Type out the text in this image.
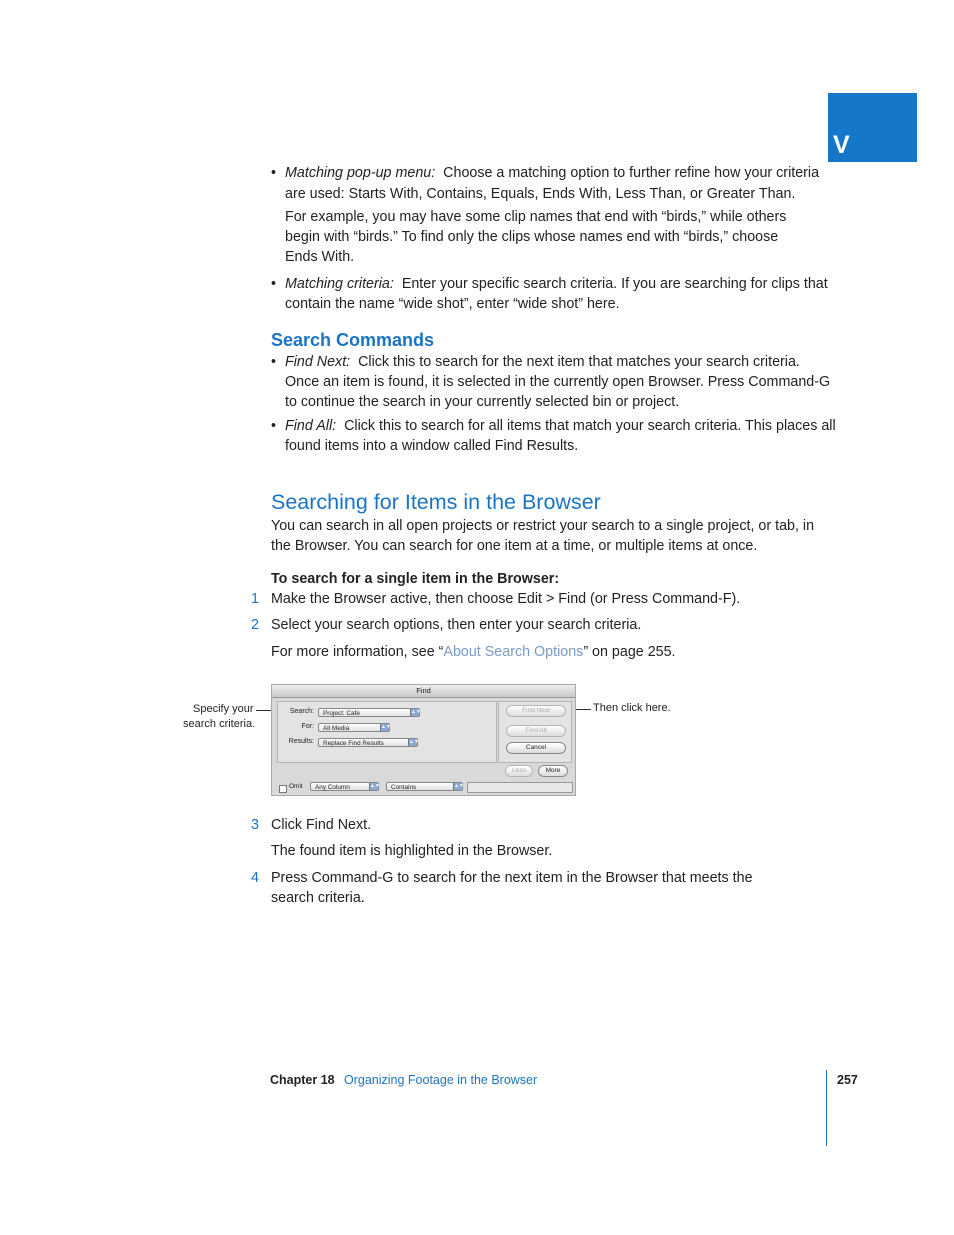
V
• Matching pop-up menu: Choose a matching option to further refine how your criteria

are used: Starts With, Contains, Equals, Ends With, Less Than, or Greater Than.

For example, you may have some clip names that end with “birds,” while others

begin with “birds.” To find only the clips whose names end with “birds,” choose

Ends With.

• Matching criteria: Enter your specific search criteria. If you are searching for clips that

contain the name “wide shot”, enter “wide shot” here.

Search Commands
• Find Next: Click this to search for the next item that matches your search criteria.

Once an item is found, it is selected in the currently open Browser. Press Command-G

to continue the search in your currently selected bin or project.

• Find All: Click this to search for all items that match your search criteria. This places all

found items into a window called Find Results.

Searching for Items in the Browser

You can search in all open projects or restrict your search to a single project, or tab, in

the Browser. You can search for one item at a time, or multiple items at once.

To search for a single item in the Browser:

1 Make the Browser active, then choose Edit > Find (or Press Command-F).

2 Select your search options, then enter your search criteria.

For more information, see “About Search Options” on page 255.

Specify your
search criteria.
Then click here.
Find
Search:	Project: Cafe	▲▼
For:	All Media	▲▼
Results:	Replace Find Results	▲▼
Find Next
Find All
Cancel
Less	More
Omit	Any Column	▲▼	Contains	▲▼
3 Click Find Next.

The found item is highlighted in the Browser.

4 Press Command-G to search for the next item in the Browser that meets the

search criteria.

Chapter 18 Organizing Footage in the Browser	257
